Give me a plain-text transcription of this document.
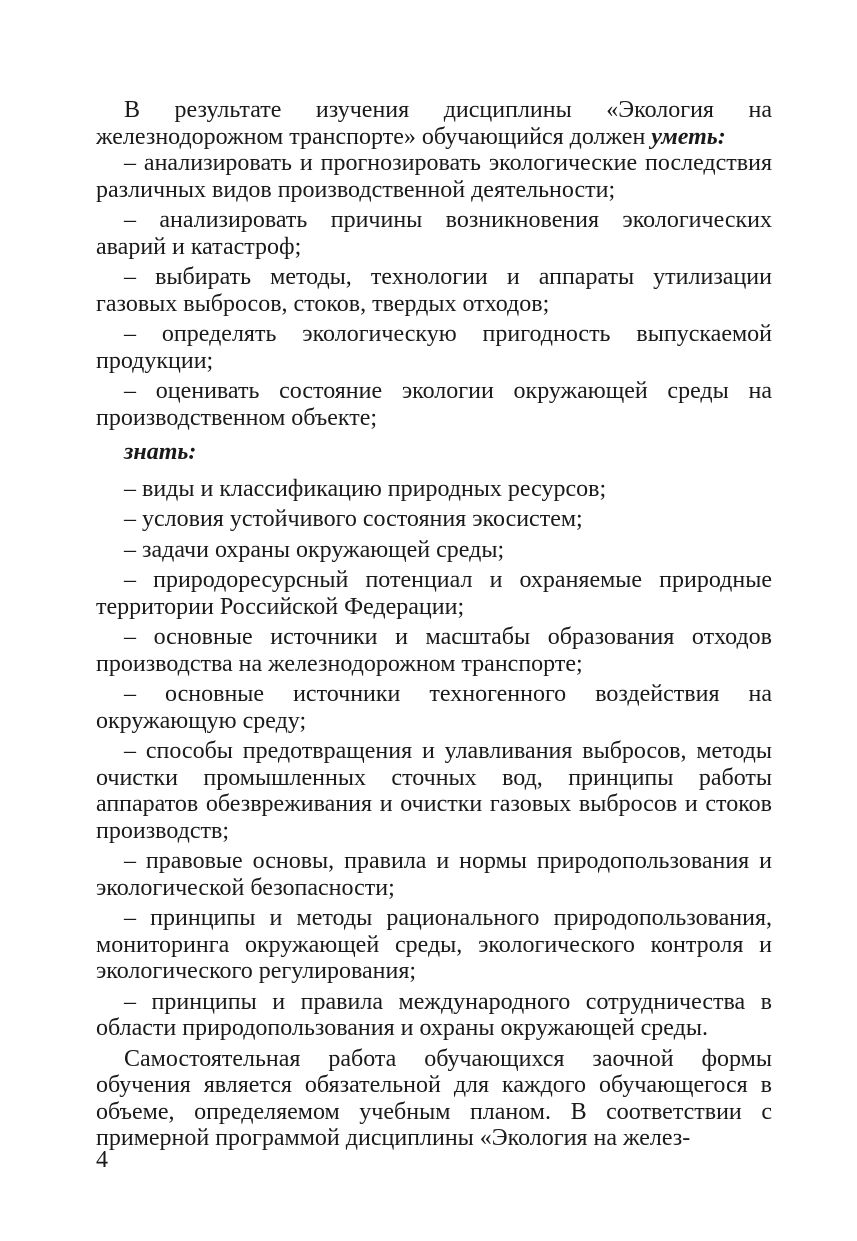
В результате изучения дисциплины «Экология на железнодорожном транспорте» обучающийся должен уметь:

– анализировать и прогнозировать экологические последствия различных видов производственной деятельности;

– анализировать причины возникновения экологических аварий и катастроф;

– выбирать методы, технологии и аппараты утилизации газовых выбросов, стоков, твердых отходов;

– определять экологическую пригодность выпускаемой продукции;

– оценивать состояние экологии окружающей среды на производственном объекте;

знать:

– виды и классификацию природных ресурсов;

– условия устойчивого состояния экосистем;

– задачи охраны окружающей среды;

– природоресурсный потенциал и охраняемые природные территории Российской Федерации;

– основные источники и масштабы образования отходов производства на железнодорожном транспорте;

– основные источники техногенного воздействия на окружающую среду;

– способы предотвращения и улавливания выбросов, методы очистки промышленных сточных вод, принципы работы аппаратов обезвреживания и очистки газовых выбросов и стоков производств;

– правовые основы, правила и нормы природопользования и экологической безопасности;

– принципы и методы рационального природопользования, мониторинга окружающей среды, экологического контроля и экологического регулирования;

– принципы и правила международного сотрудничества в области природопользования и охраны окружающей среды.

Самостоятельная работа обучающихся заочной формы обучения является обязательной для каждого обучающегося в объеме, определяемом учебным планом. В соответствии с примерной программой дисциплины «Экология на желез-

4
